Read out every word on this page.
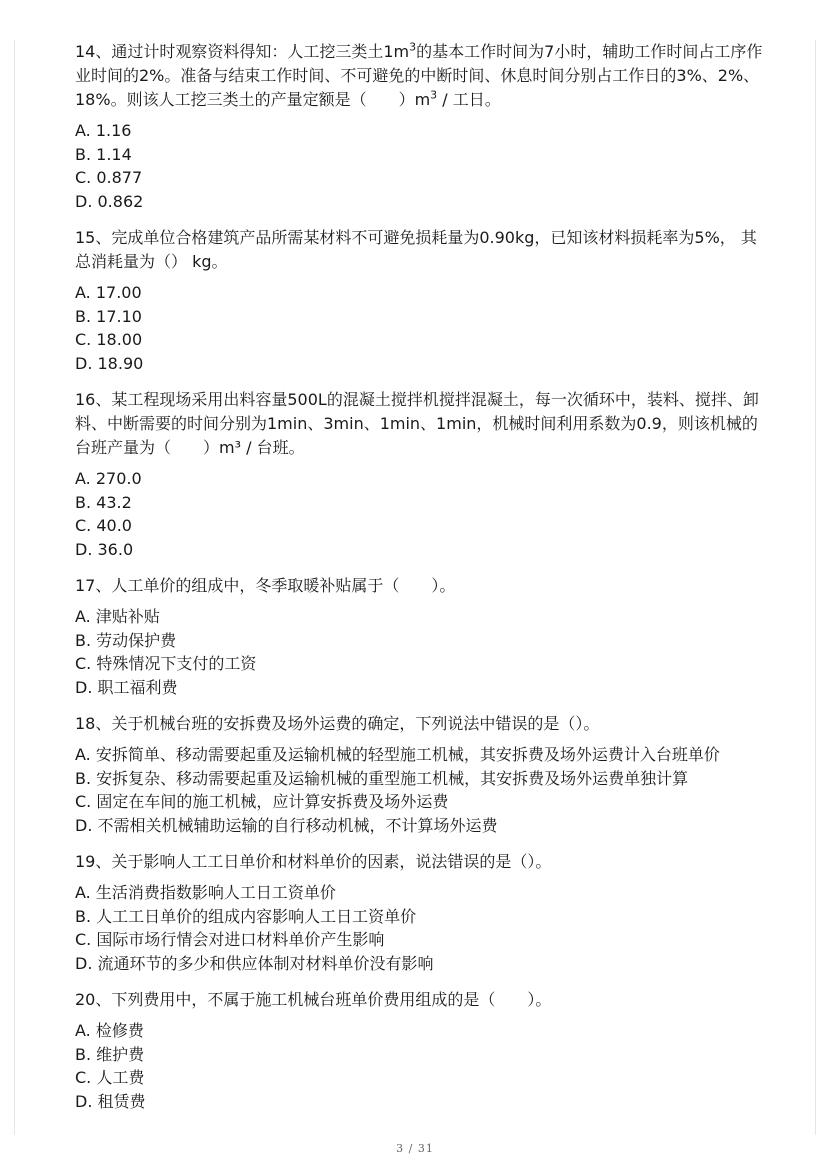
14、通过计时观察资料得知：人工挖三类土$1m^3$的基本工作时间为7小时，辅助工作时间占工序作业时间的2%。准备与结束工作时间、不可避免的中断时间、休息时间分别占工作日的3%、2%、18%。则该人工挖三类土的产量定额是（　　）$m^3$ / 工日。
A. 1.16
B. 1.14
C. 0.877
D. 0.862
15、完成单位合格建筑产品所需某材料不可避免损耗量为0.90kg，已知该材料损耗率为5%， 其总消耗量为（） kg。
A. 17.00
B. 17.10
C. 18.00
D. 18.90
16、某工程现场采用出料容量500L的混凝土搅拌机搅拌混凝土，每一次循环中，装料、搅拌、卸料、中断需要的时间分别为1min、3min、1min、1min，机械时间利用系数为0.9，则该机械的台班产量为（　　）m³ / 台班。
A. 270.0
B. 43.2
C. 40.0
D. 36.0
17、人工单价的组成中，冬季取暖补贴属于（　　）。
A. 津贴补贴
B. 劳动保护费
C. 特殊情况下支付的工资
D. 职工福利费
18、关于机械台班的安拆费及场外运费的确定，下列说法中错误的是（）。
A. 安拆简单、移动需要起重及运输机械的轻型施工机械，其安拆费及场外运费计入台班单价
B. 安拆复杂、移动需要起重及运输机械的重型施工机械，其安拆费及场外运费单独计算
C. 固定在车间的施工机械，应计算安拆费及场外运费
D. 不需相关机械辅助运输的自行移动机械，不计算场外运费
19、关于影响人工工日单价和材料单价的因素，说法错误的是（）。
A. 生活消费指数影响人工日工资单价
B. 人工工日单价的组成内容影响人工日工资单价
C. 国际市场行情会对进口材料单价产生影响
D. 流通环节的多少和供应体制对材料单价没有影响
20、下列费用中，不属于施工机械台班单价费用组成的是（　　）。
A. 检修费
B. 维护费
C. 人工费
D. 租赁费
3 / 31
